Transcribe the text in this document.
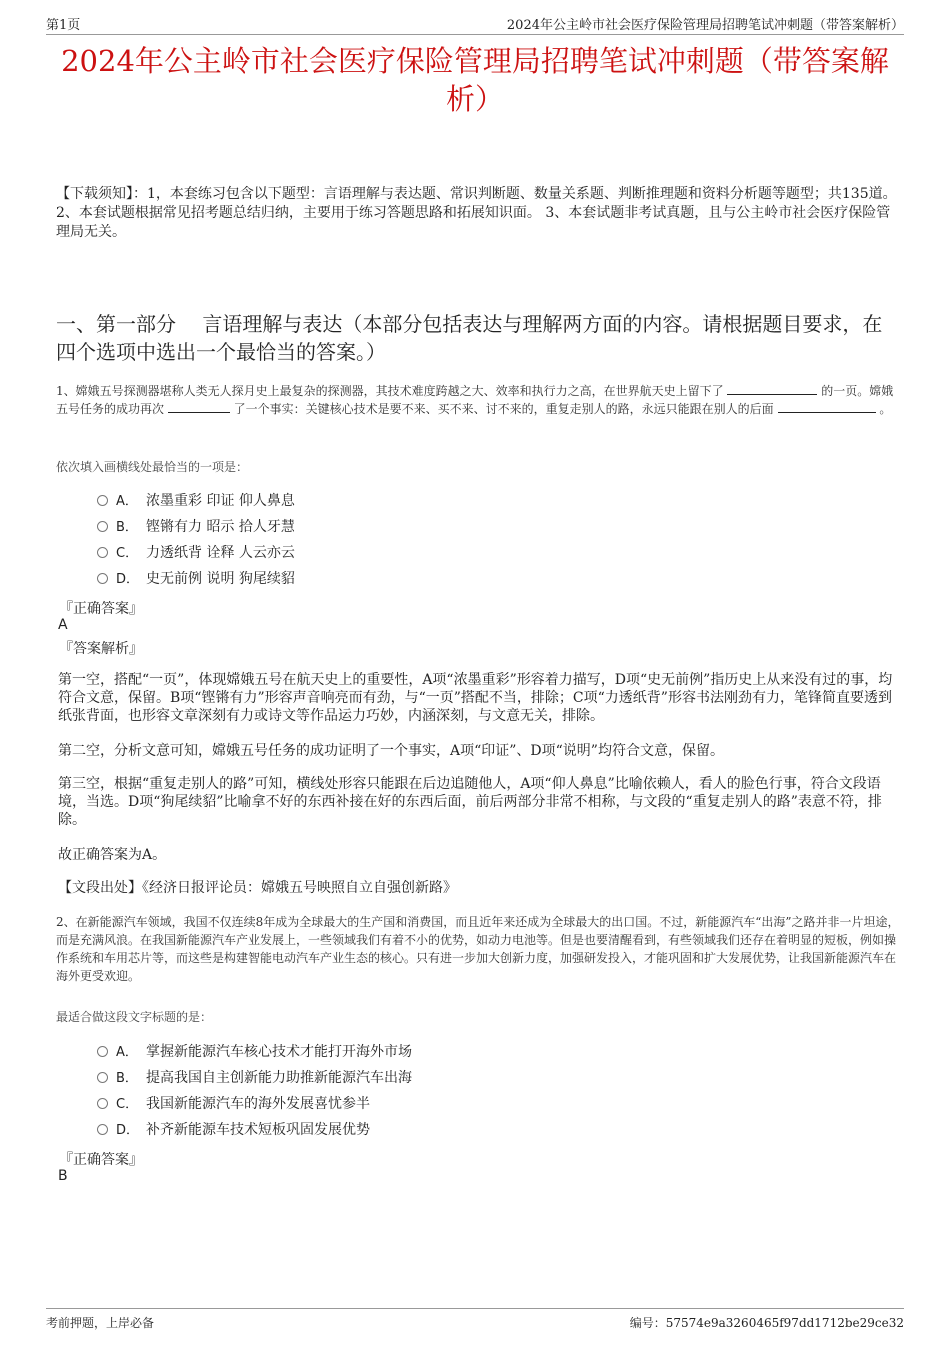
第1页	2024年公主岭市社会医疗保险管理局招聘笔试冲刺题（带答案解析）
2024年公主岭市社会医疗保险管理局招聘笔试冲刺题（带答案解析）
【下载须知】：1，本套练习包含以下题型：言语理解与表达题、常识判断题、数量关系题、判断推理题和资料分析题等题型；共135道。 2、本套试题根据常见招考题总结归纳，主要用于练习答题思路和拓展知识面。 3、本套试题非考试真题，且与公主岭市社会医疗保险管理局无关。
一、第一部分　 言语理解与表达（本部分包括表达与理解两方面的内容。请根据题目要求，在四个选项中选出一个最恰当的答案。）
1、嫦娥五号探测器堪称人类无人探月史上最复杂的探测器，其技术难度跨越之大、效率和执行力之高，在世界航天史上留下了	的一页。嫦娥五号任务的成功再次	了一个事实：关键核心技术是要不来、买不来、讨不来的，重复走别人的路，永远只能跟在别人的后面	。
依次填入画横线处最恰当的一项是：
A． 浓墨重彩 印证 仰人鼻息
B． 铿锵有力 昭示 拾人牙慧
C． 力透纸背 诠释 人云亦云
D． 史无前例 说明 狗尾续貂
『正确答案』
A
『答案解析』
第一空，搭配“一页”，体现嫦娥五号在航天史上的重要性，A项“浓墨重彩”形容着力描写，D项“史无前例”指历史上从来没有过的事，均符合文意，保留。B项“铿锵有力”形容声音响亮而有劲，与“一页”搭配不当，排除；C项“力透纸背”形容书法刚劲有力，笔锋简直要透到纸张背面，也形容文章深刻有力或诗文等作品运力巧妙，内涵深刻，与文意无关，排除。
第二空，分析文意可知，嫦娥五号任务的成功证明了一个事实，A项“印证”、D项“说明”均符合文意，保留。
第三空，根据“重复走别人的路”可知，横线处形容只能跟在后边追随他人，A项“仰人鼻息”比喻依赖人，看人的脸色行事，符合文段语境，当选。D项“狗尾续貂”比喻拿不好的东西补接在好的东西后面，前后两部分非常不相称，与文段的“重复走别人的路”表意不符，排除。
故正确答案为A。
【文段出处】《经济日报评论员：嫦娥五号映照自立自强创新路》
2、在新能源汽车领域，我国不仅连续8年成为全球最大的生产国和消费国，而且近年来还成为全球最大的出口国。不过，新能源汽车“出海”之路并非一片坦途，而是充满风浪。在我国新能源汽车产业发展上，一些领域我们有着不小的优势，如动力电池等。但是也要清醒看到，有些领域我们还存在着明显的短板，例如操作系统和车用芯片等，而这些是构建智能电动汽车产业生态的核心。只有进一步加大创新力度，加强研发投入，才能巩固和扩大发展优势，让我国新能源汽车在海外更受欢迎。
最适合做这段文字标题的是：
A． 掌握新能源汽车核心技术才能打开海外市场
B． 提高我国自主创新能力助推新能源汽车出海
C． 我国新能源汽车的海外发展喜忧参半
D． 补齐新能源车技术短板巩固发展优势
『正确答案』
B
考前押题，上岸必备	编号：57574e9a3260465f97dd1712be29ce32
